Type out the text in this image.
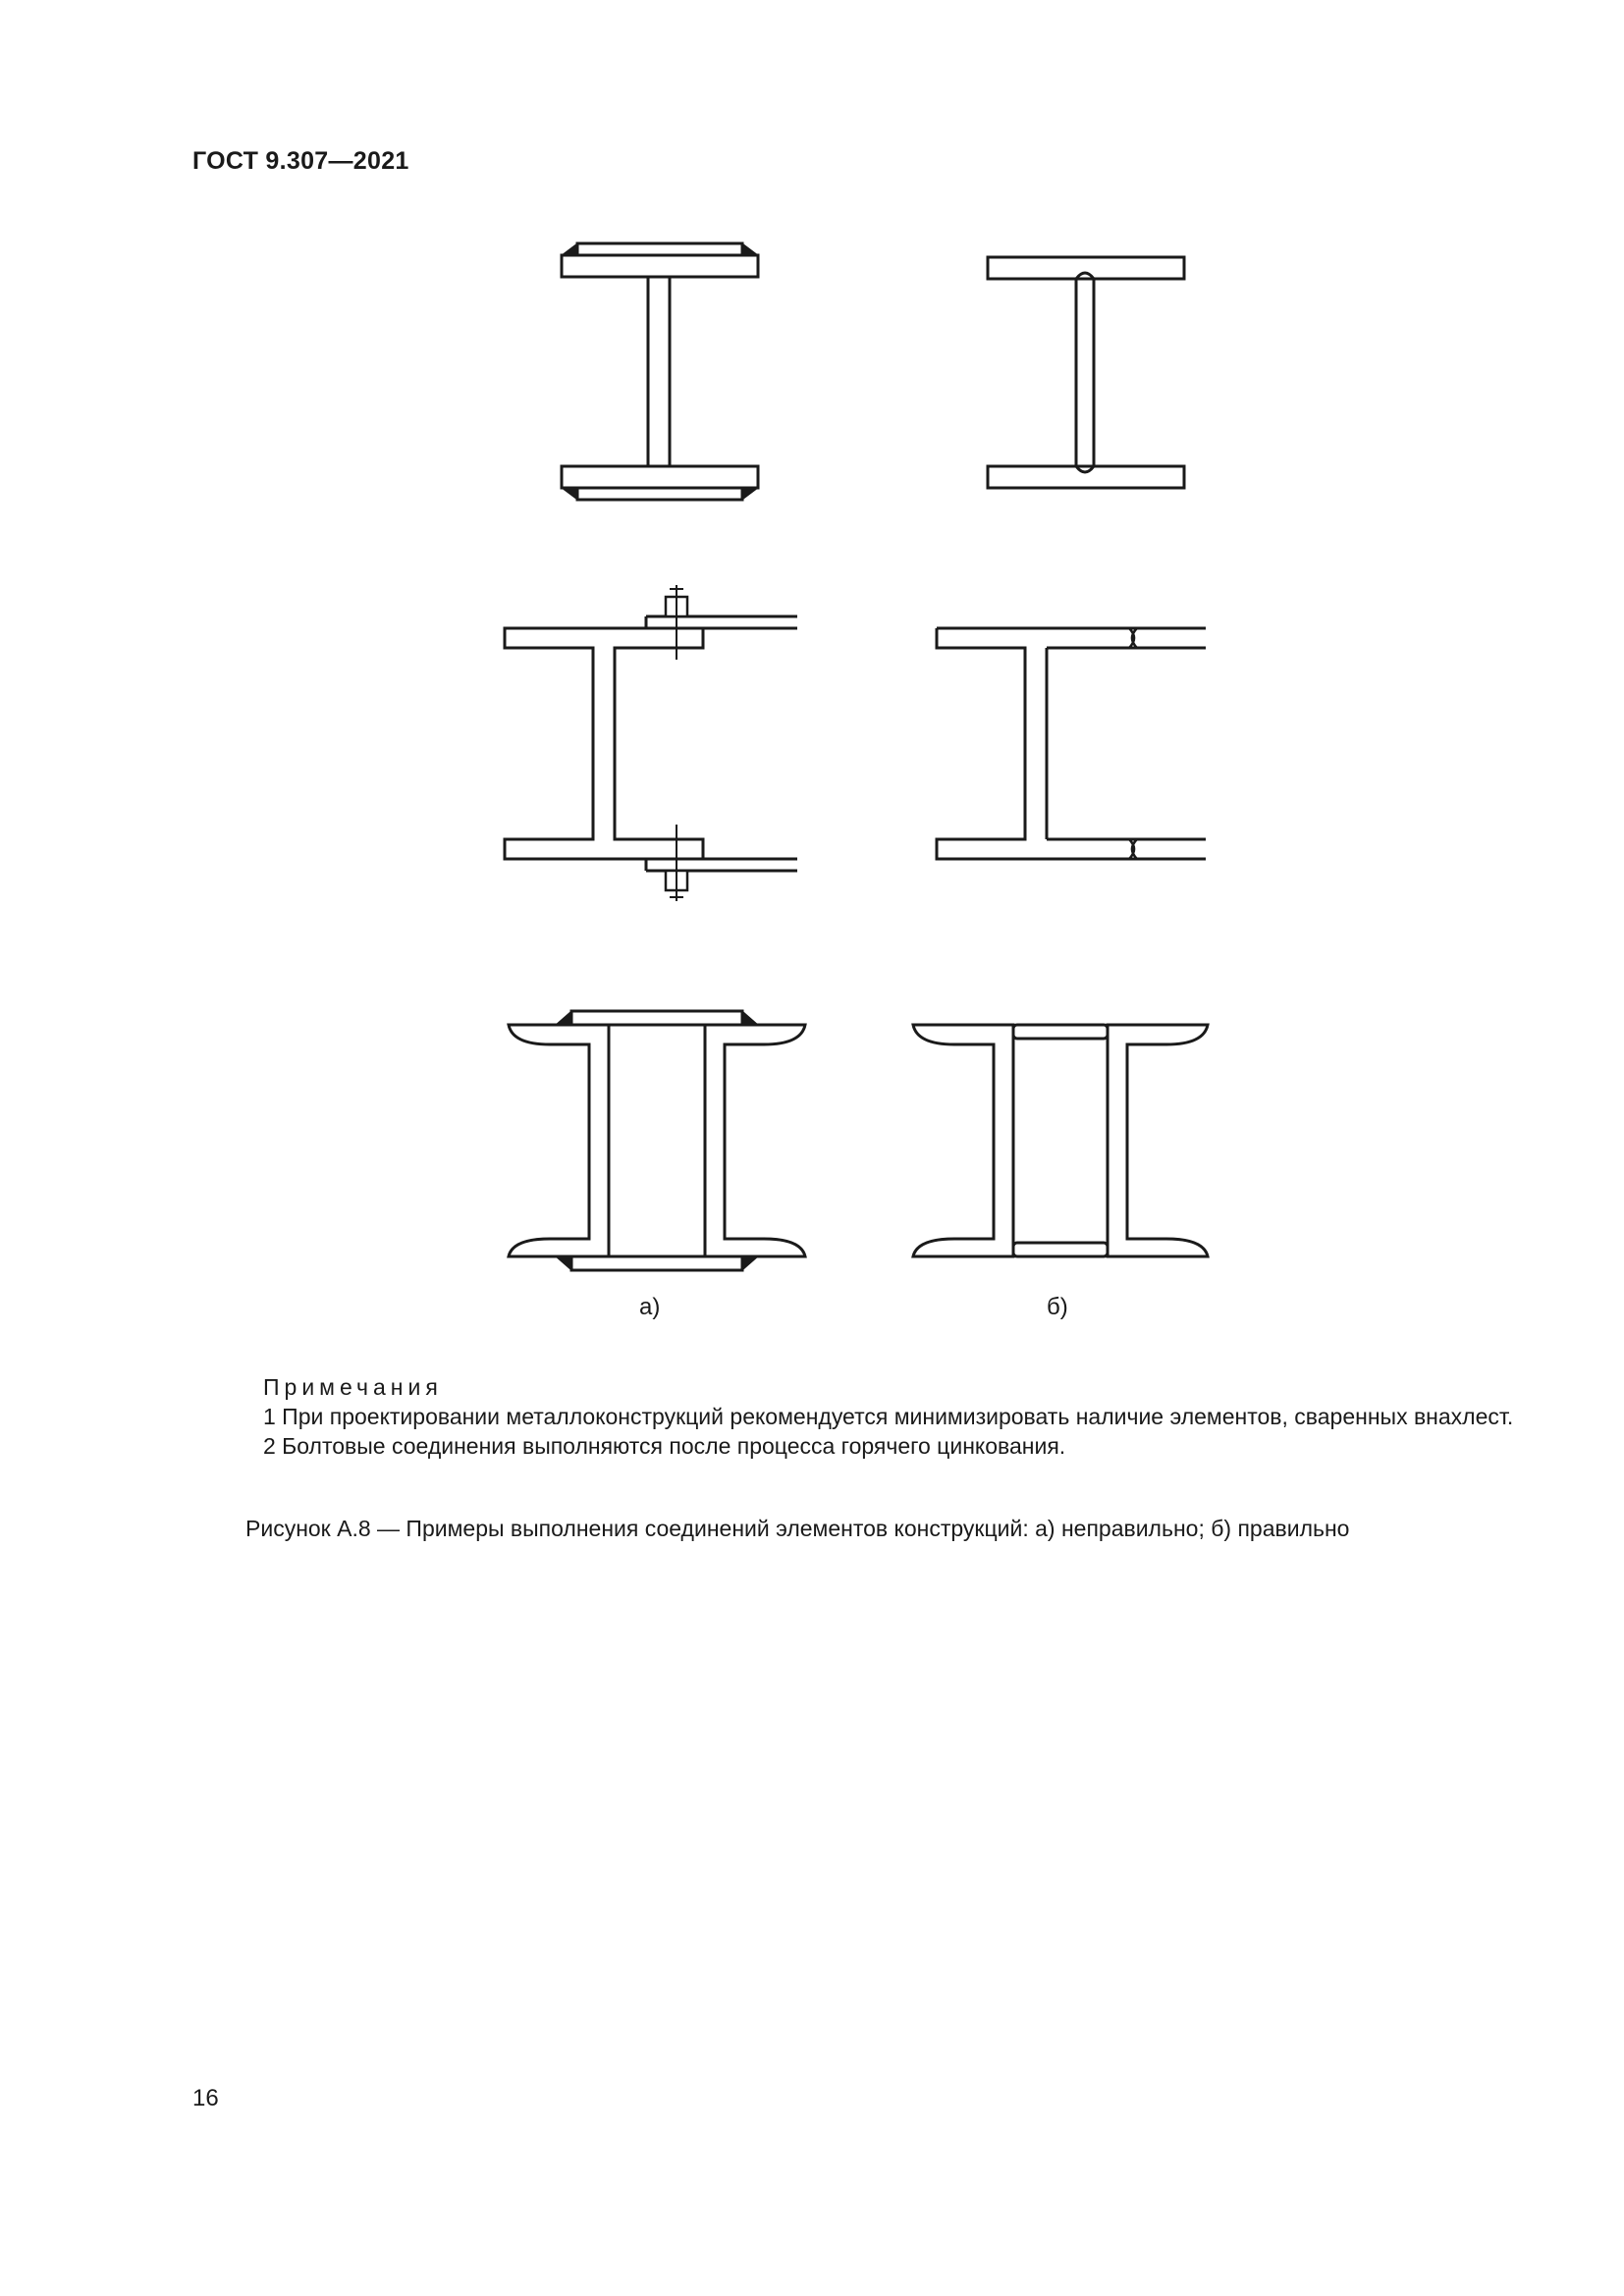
ГОСТ 9.307—2021
а)	б)
Примечания
1 При проектировании металлоконструкций рекомендуется минимизировать наличие элементов, сваренных внахлест.
2 Болтовые соединения выполняются после процесса горячего цинкования.
Рисунок А.8 — Примеры выполнения соединений элементов конструкций: а) неправильно; б) правильно
16
